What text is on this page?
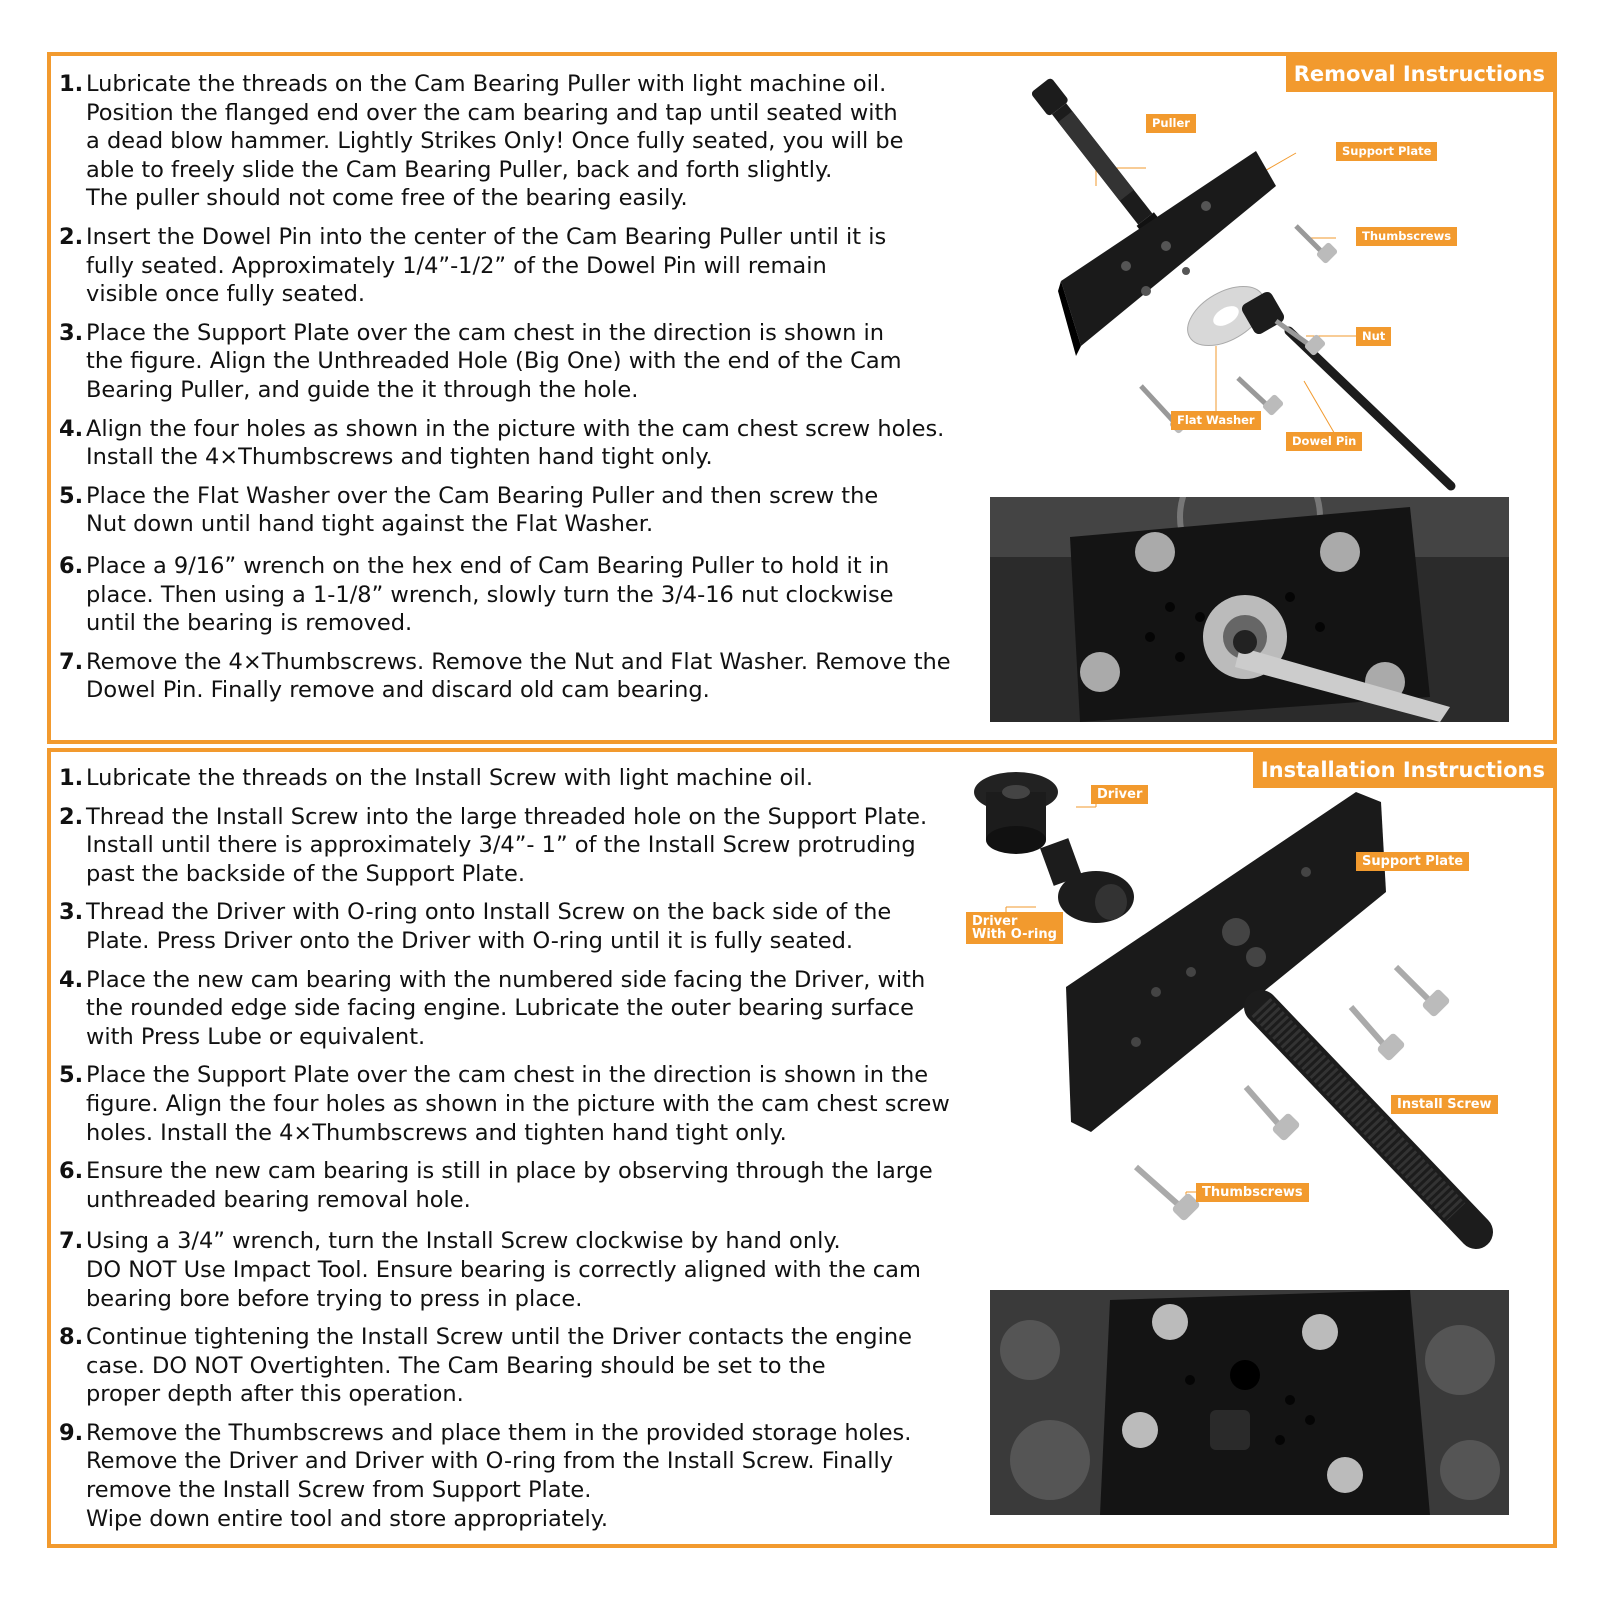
1. Lubricate the threads on the Cam Bearing Puller with light machine oil.
Position the flanged end over the cam bearing and tap until seated with
a dead blow hammer. Lightly Strikes Only! Once fully seated, you will be
able to freely slide the Cam Bearing Puller, back and forth slightly.
The puller should not come free of the bearing easily.
2. Insert the Dowel Pin into the center of the Cam Bearing Puller until it is
fully seated. Approximately 1/4”-1/2” of the Dowel Pin will remain
visible once fully seated.
3. Place the Support Plate over the cam chest in the direction is shown in
the figure. Align the Unthreaded Hole (Big One) with the end of the Cam
Bearing Puller, and guide the it through the hole.
4. Align the four holes as shown in the picture with the cam chest screw holes.
Install the 4×Thumbscrews and tighten hand tight only.
5. Place the Flat Washer over the Cam Bearing Puller and then screw the
Nut down until hand tight against the Flat Washer.
6. Place a 9/16” wrench on the hex end of Cam Bearing Puller to hold it in
place. Then using a 1-1/8” wrench, slowly turn the 3/4-16 nut clockwise
until the bearing is removed.
7. Remove the 4×Thumbscrews. Remove the Nut and Flat Washer. Remove the
Dowel Pin. Finally remove and discard old cam bearing.
Removal Instructions
Puller
Support Plate
Thumbscrews
Nut
Flat Washer
Dowel Pin
1. Lubricate the threads on the Install Screw with light machine oil.
2. Thread the Install Screw into the large threaded hole on the Support Plate.
Install until there is approximately 3/4”- 1” of the Install Screw protruding
past the backside of the Support Plate.
3. Thread the Driver with O-ring onto Install Screw on the back side of the
Plate. Press Driver onto the Driver with O-ring until it is fully seated.
4. Place the new cam bearing with the numbered side facing the Driver, with
the rounded edge side facing engine. Lubricate the outer bearing surface
with Press Lube or equivalent.
5. Place the Support Plate over the cam chest in the direction is shown in the
figure. Align the four holes as shown in the picture with the cam chest screw
holes. Install the 4×Thumbscrews and tighten hand tight only.
6. Ensure the new cam bearing is still in place by observing through the large
unthreaded bearing removal hole.
7. Using a 3/4” wrench, turn the Install Screw clockwise by hand only.
DO NOT Use Impact Tool. Ensure bearing is correctly aligned with the cam
bearing bore before trying to press in place.
8. Continue tightening the Install Screw until the Driver contacts the engine
case. DO NOT Overtighten. The Cam Bearing should be set to the
proper depth after this operation.
9. Remove the Thumbscrews and place them in the provided storage holes.
Remove the Driver and Driver with O-ring from the Install Screw. Finally
remove the Install Screw from Support Plate.
Wipe down entire tool and store appropriately.
Installation Instructions
Driver
Driver
With O-ring
Support Plate
Install Screw
Thumbscrews
